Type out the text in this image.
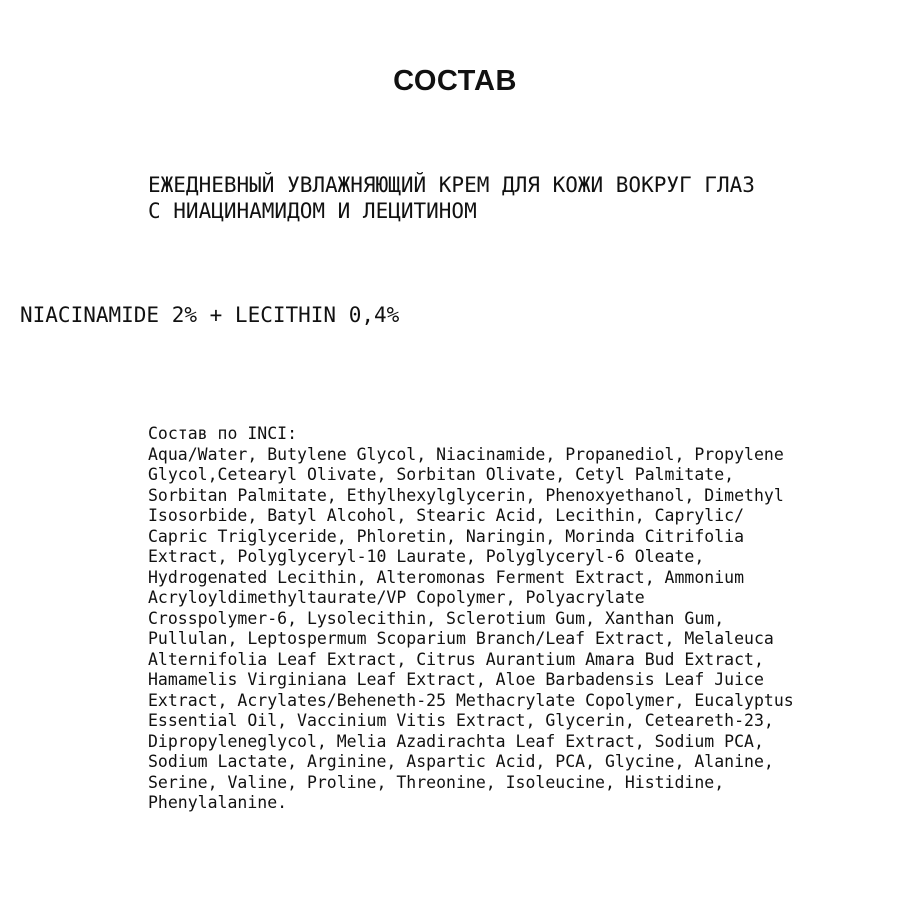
СОСТАВ
ЕЖЕДНЕВНЫЙ УВЛАЖНЯЮЩИЙ КРЕМ ДЛЯ КОЖИ ВОКРУГ ГЛАЗ
С НИАЦИНАМИДОМ И ЛЕЦИТИНОМ
NIACINAMIDE 2% + LECITHIN 0,4%
Состав по INCI:
Aqua/Water, Butylene Glycol, Niacinamide, Propanediol, Propylene
Glycol,Cetearyl Olivate, Sorbitan Olivate, Cetyl Palmitate,
Sorbitan Palmitate, Ethylhexylglycerin, Phenoxyethanol, Dimethyl
Isosorbide, Batyl Alcohol, Stearic Acid, Lecithin, Caprylic/
Capric Triglyceride, Phloretin, Naringin, Morinda Citrifolia
Extract, Polyglyceryl-10 Laurate, Polyglyceryl-6 Oleate,
Hydrogenated Lecithin, Alteromonas Ferment Extract, Ammonium
Acryloyldimethyltaurate/VP Copolymer, Polyacrylate
Crosspolymer-6, Lysolecithin, Sclerotium Gum, Xanthan Gum,
Pullulan, Leptospermum Scoparium Branch/Leaf Extract, Melaleuca
Alternifolia Leaf Extract, Citrus Aurantium Amara Bud Extract,
Hamamelis Virginiana Leaf Extract, Aloe Barbadensis Leaf Juice
Extract, Acrylates/Beheneth-25 Methacrylate Copolymer, Eucalyptus
Essential Oil, Vaccinium Vitis Extract, Glycerin, Ceteareth-23,
Dipropyleneglycol, Melia Azadirachta Leaf Extract, Sodium PCA,
Sodium Lactate, Arginine, Aspartic Acid, PCA, Glycine, Alanine,
Serine, Valine, Proline, Threonine, Isoleucine, Histidine,
Phenylalanine.
